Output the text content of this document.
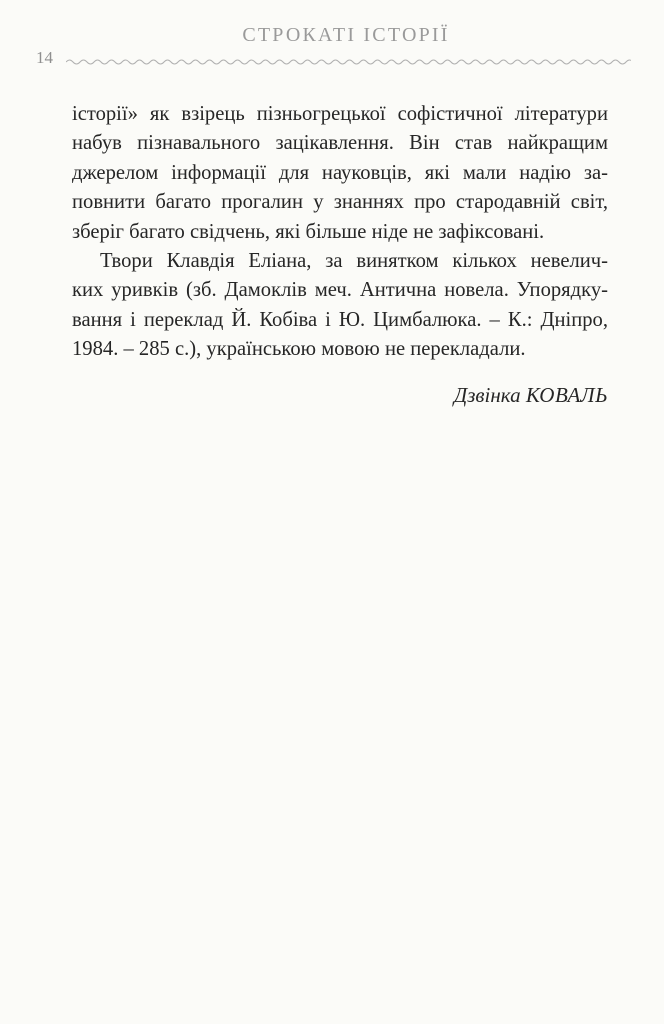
СТРОКАТІ ІСТОРІЇ
14

історії» як взірець пізньогрецької софістичної літератури
набув пізнавального зацікавлення. Він став найкращим
джерелом інформації для науковців, які мали надію за-
повнити багато прогалин у знаннях про стародавній світ,
зберіг багато свідчень, які більше ніде не зафіксовані.

Твори Клавдія Еліана, за винятком кількох невелич-
ких уривків (зб. Дамоклів меч. Антична новела. Упорядку-
вання і переклад Й. Кобіва і Ю. Цимбалюка. – К.: Дніпро,
1984. – 285 с.), українською мовою не перекладали.

Дзвінка КОВАЛЬ
